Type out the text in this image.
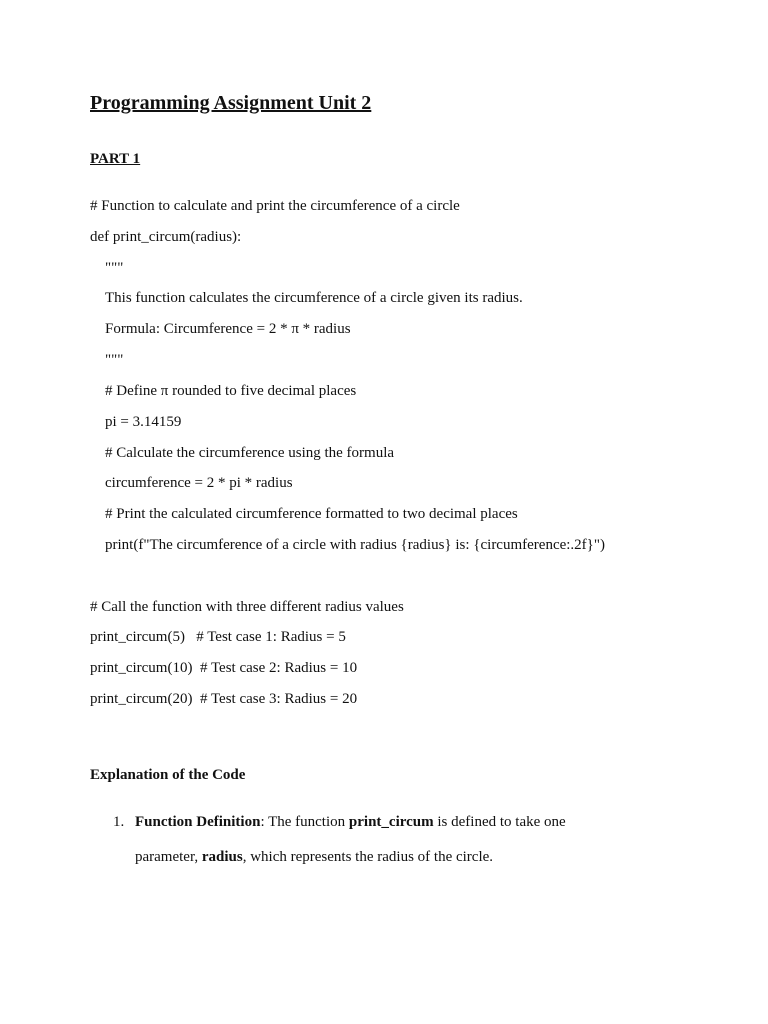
Programming Assignment Unit 2
PART 1
# Function to calculate and print the circumference of a circle
def print_circum(radius):
"""
This function calculates the circumference of a circle given its radius.
Formula: Circumference = 2 * π * radius
"""
# Define π rounded to five decimal places
pi = 3.14159
# Calculate the circumference using the formula
circumference = 2 * pi * radius
# Print the calculated circumference formatted to two decimal places
print(f"The circumference of a circle with radius {radius} is: {circumference:.2f}")
# Call the function with three different radius values
print_circum(5)   # Test case 1: Radius = 5
print_circum(10)  # Test case 2: Radius = 10
print_circum(20)  # Test case 3: Radius = 20
Explanation of the Code
1. Function Definition: The function print_circum is defined to take one
parameter, radius, which represents the radius of the circle.
